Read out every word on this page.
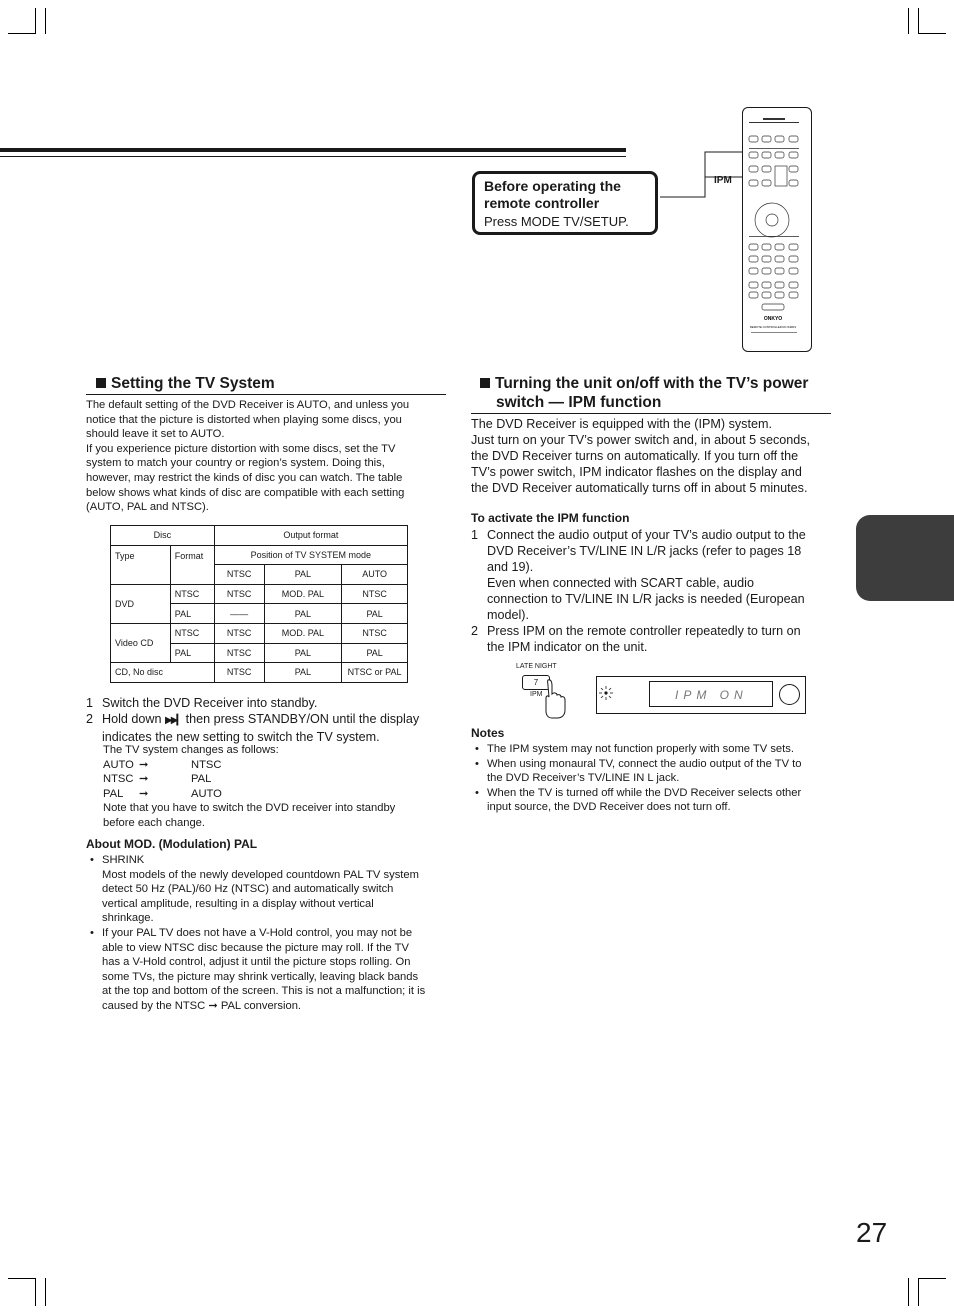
Before operating the
remote controller
Press MODE TV/SETUP.
IPM
ONKYO
REMOTE CONTROLLER RC-540DS
Setting the TV System
The default setting of the DVD Receiver is AUTO, and unless you
notice that the picture is distorted when playing some discs, you
should leave it set to AUTO.
If you experience picture distortion with some discs, set the TV
system to match your country or region’s system. Doing this,
however, may restrict the kinds of disc you can watch. The table
below shows what kinds of disc are compatible with each setting
(AUTO, PAL and NTSC).
Disc		Output format		
Type	Format	Position of TV SYSTEM mode		
		NTSC	PAL	AUTO
DVD	NTSC	NTSC	MOD. PAL	NTSC
	PAL	——	PAL	PAL
Video CD	NTSC	NTSC	MOD. PAL	NTSC
	PAL	NTSC	PAL	PAL
CD, No disc		NTSC	PAL	NTSC or PAL
1 Switch the DVD Receiver into standby.
2 Hold down ▶▶▎ then press STANDBY/ON until the display
indicates the new setting to switch the TV system.
The TV system changes as follows:
AUTO ➞	NTSC
NTSC ➞	PAL
PAL ➞	AUTO
Note that you have to switch the DVD receiver into standby
before each change.
About MOD. (Modulation) PAL
• SHRINK
Most models of the newly developed countdown PAL TV system
detect 50 Hz (PAL)/60 Hz (NTSC) and automatically switch
vertical amplitude, resulting in a display without vertical
shrinkage.
• If your PAL TV does not have a V-Hold control, you may not be
able to view NTSC disc because the picture may roll. If the TV
has a V-Hold control, adjust it until the picture stops rolling. On
some TVs, the picture may shrink vertically, leaving black bands
at the top and bottom of the screen. This is not a malfunction; it is
caused by the NTSC ➞ PAL conversion.
Turning the unit on/off with the TV’s power
switch — IPM function
The DVD Receiver is equipped with the (IPM) system.
Just turn on your TV’s power switch and, in about 5 seconds,
the DVD Receiver turns on automatically. If you turn off the
TV’s power switch, IPM indicator flashes on the display and
the DVD Receiver automatically turns off in about 5 minutes.
To activate the IPM function
1 Connect the audio output of your TV’s audio output to the
DVD Receiver’s TV/LINE IN L/R jacks (refer to pages 18
and 19).
Even when connected with SCART cable, audio
connection to TV/LINE IN L/R jacks is needed (European
model).
2 Press IPM on the remote controller repeatedly to turn on
the IPM indicator on the unit.
LATE NIGHT
7
IPM	IPM ON
Notes
• The IPM system may not function properly with some TV sets.
• When using monaural TV, connect the audio output of the TV to
the DVD Receiver’s TV/LINE IN L jack.
• When the TV is turned off while the DVD Receiver selects other
input source, the DVD Receiver does not turn off.
27
